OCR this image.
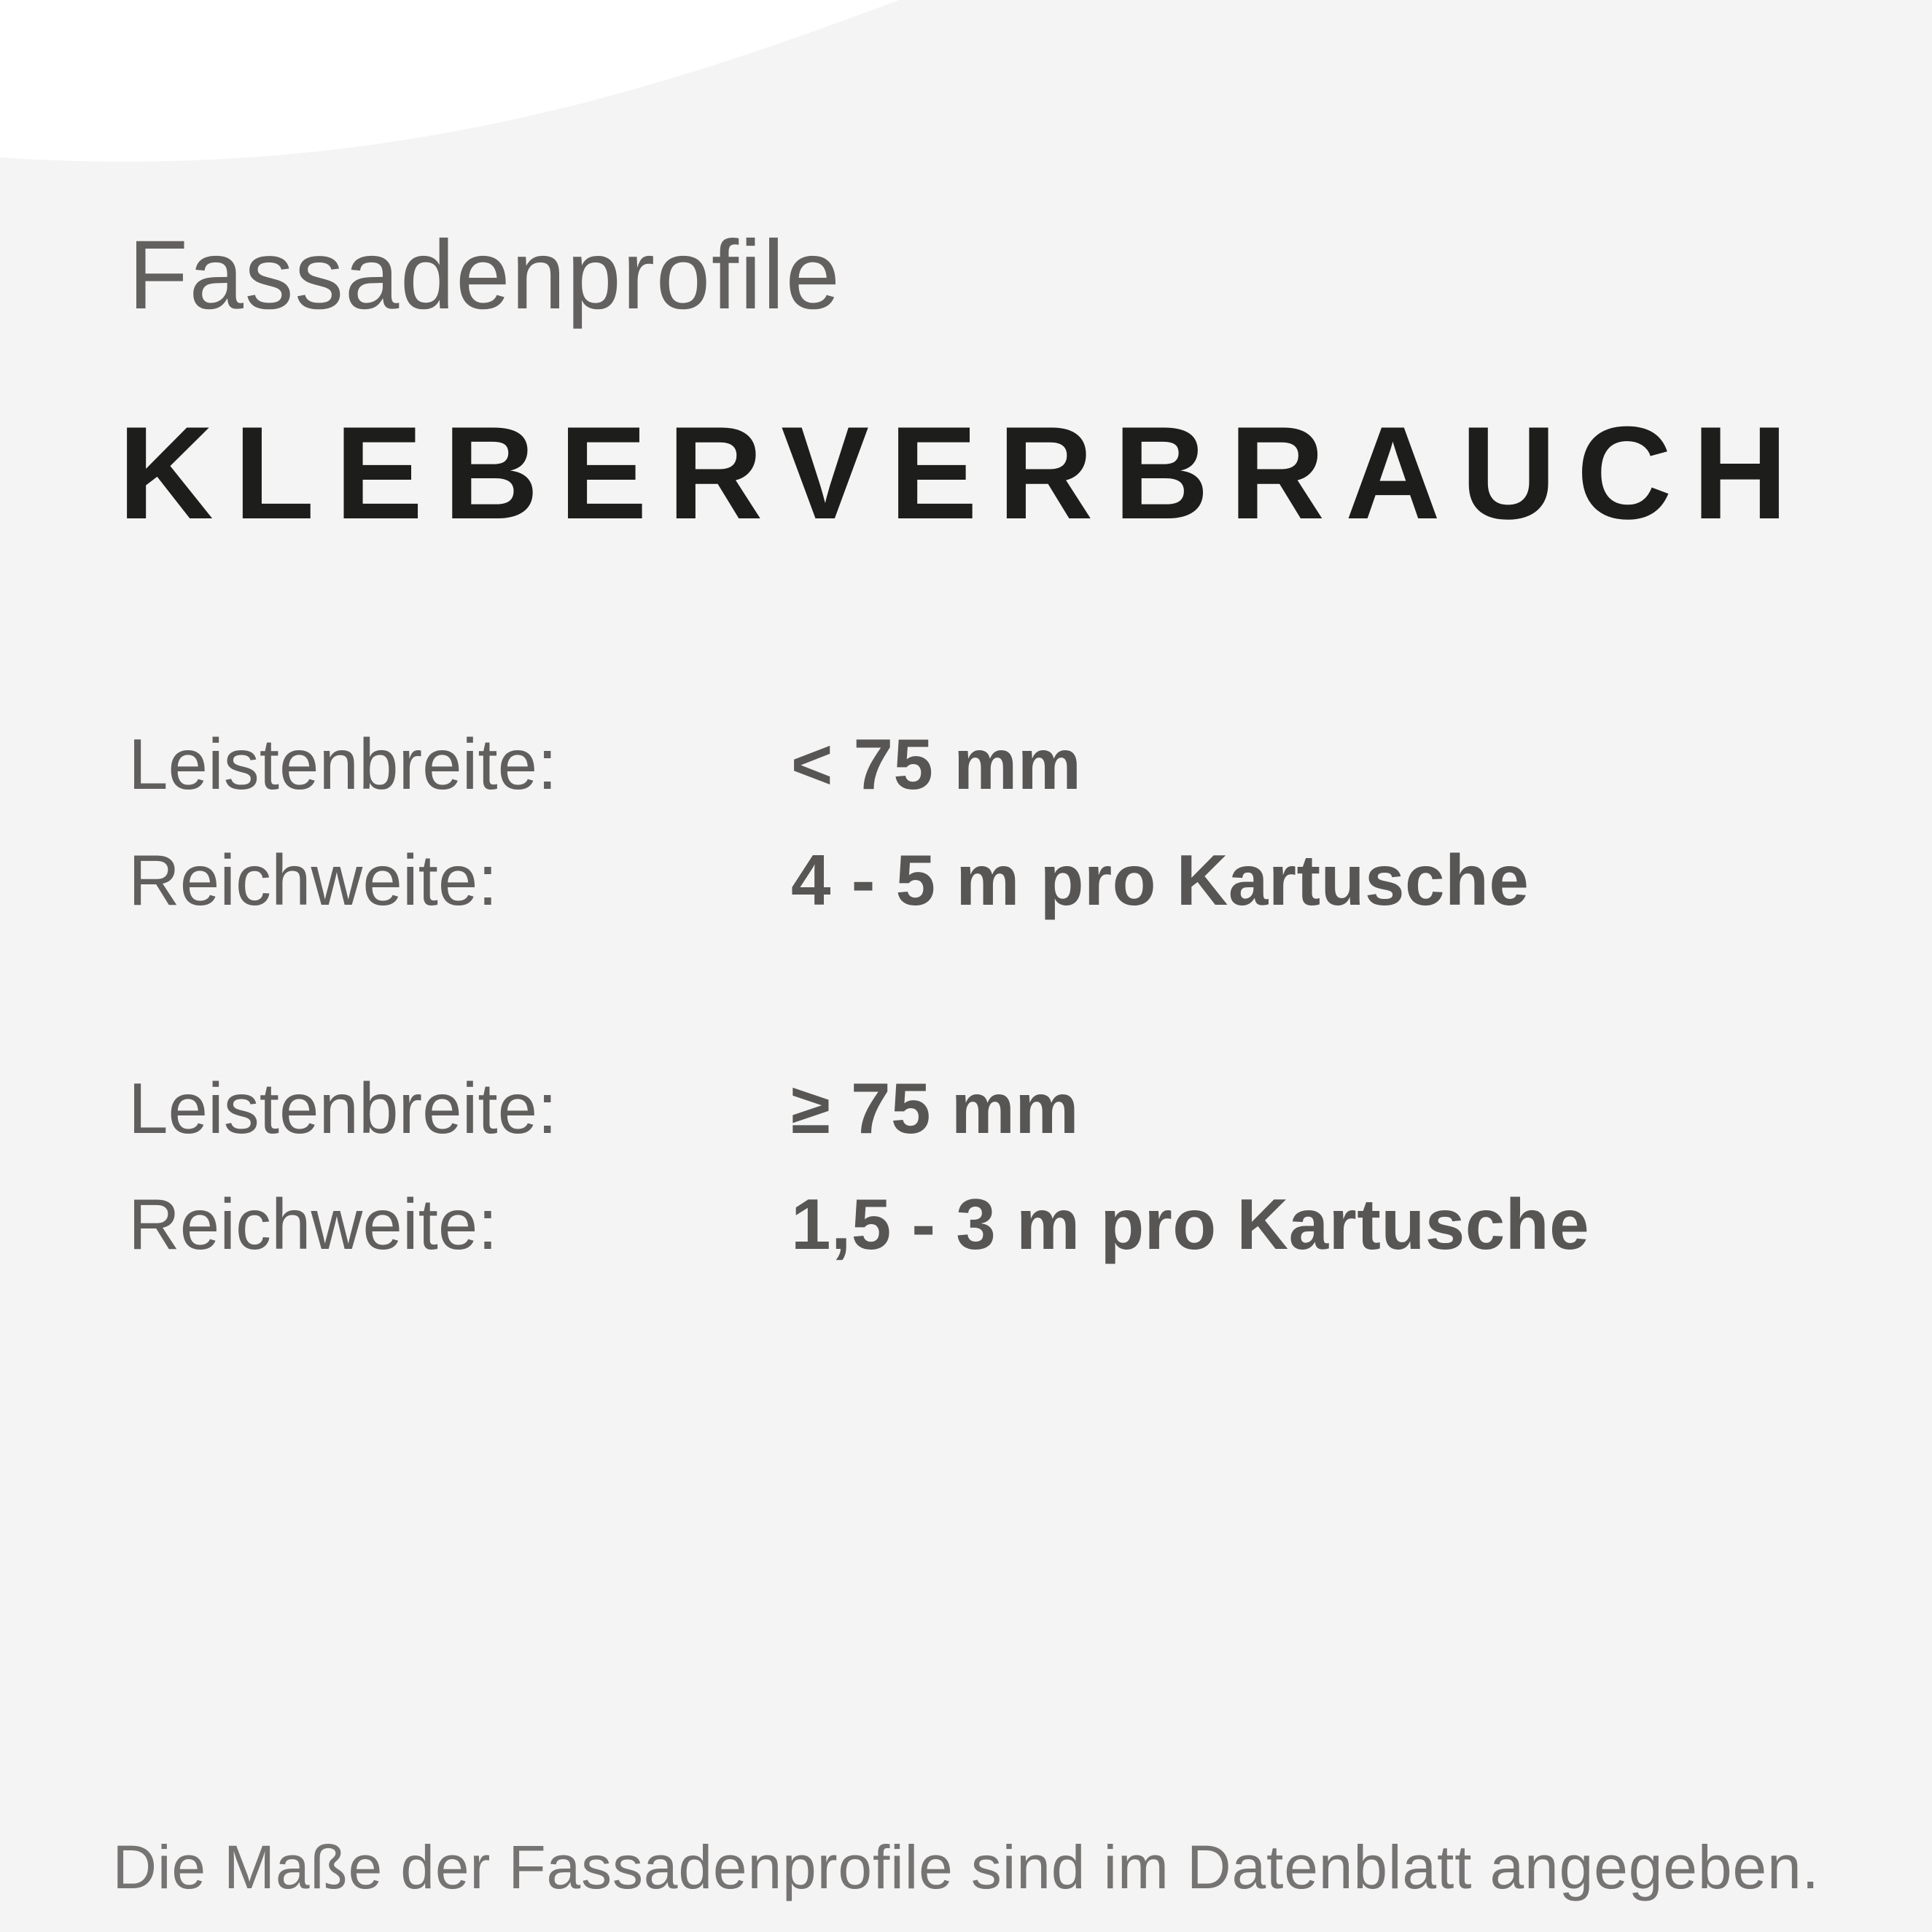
Fassadenprofile
KLEBERVERBRAUCH
Leistenbreite:	< 75 mm
Reichweite:	4 - 5 m pro Kartusche
Leistenbreite:	≥ 75 mm
Reichweite:	1,5 - 3 m pro Kartusche
Die Maße der Fassadenprofile sind im Datenblatt angegeben.
